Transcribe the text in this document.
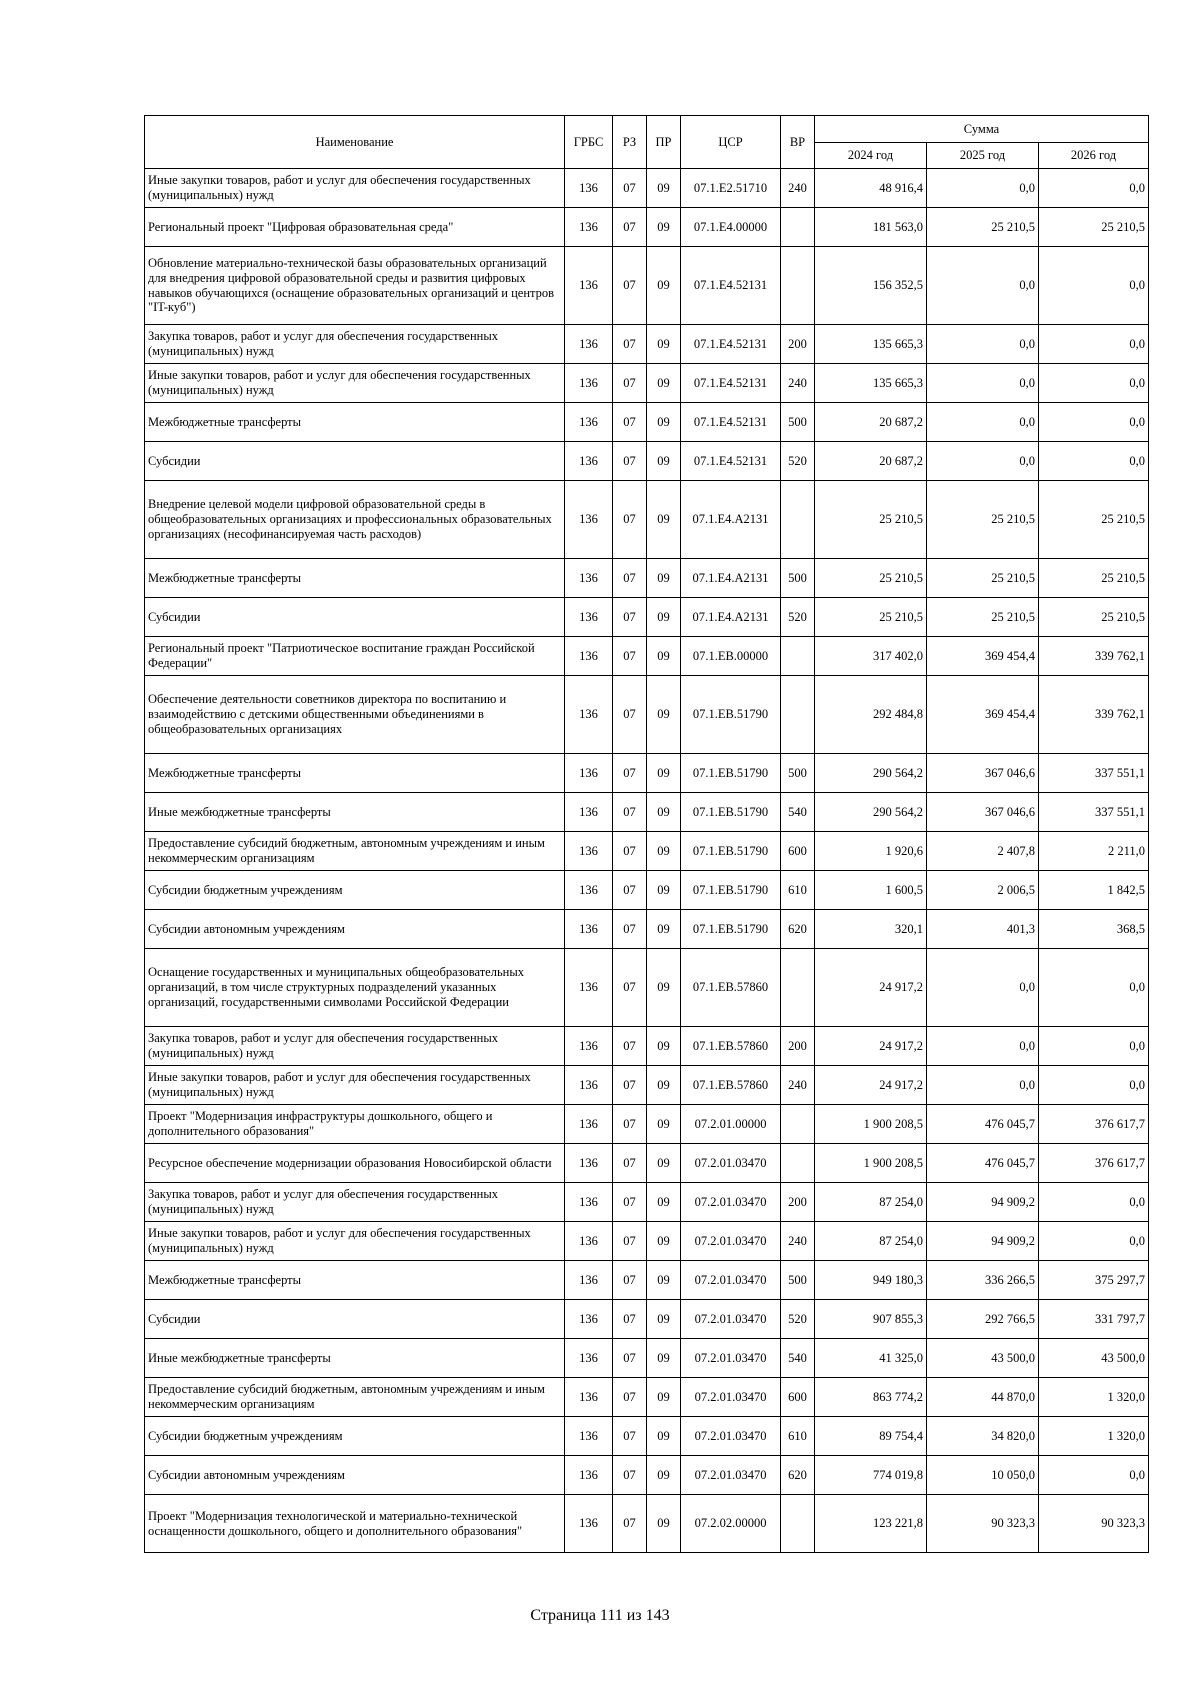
Наименование	ГРБС	РЗ	ПР	ЦСР	ВР	Сумма		
						2024 год	2025 год	2026 год
Иные закупки товаров, работ и услуг для обеспечения государственных (муниципальных) нужд	136	07	09	07.1.E2.51710	240	48 916,4	0,0	0,0
Региональный проект "Цифровая образовательная среда"	136	07	09	07.1.E4.00000		181 563,0	25 210,5	25 210,5
Обновление материально-технической базы образовательных организаций для внедрения цифровой образовательной среды и развития цифровых навыков обучающихся (оснащение образовательных организаций и центров "IT-куб")	136	07	09	07.1.E4.52131		156 352,5	0,0	0,0
Закупка товаров, работ и услуг для обеспечения государственных (муниципальных) нужд	136	07	09	07.1.E4.52131	200	135 665,3	0,0	0,0
Иные закупки товаров, работ и услуг для обеспечения государственных (муниципальных) нужд	136	07	09	07.1.E4.52131	240	135 665,3	0,0	0,0
Межбюджетные трансферты	136	07	09	07.1.E4.52131	500	20 687,2	0,0	0,0
Субсидии	136	07	09	07.1.E4.52131	520	20 687,2	0,0	0,0
Внедрение целевой модели цифровой образовательной среды в общеобразовательных организациях и профессиональных образовательных организациях (несофинансируемая часть расходов)	136	07	09	07.1.E4.A2131		25 210,5	25 210,5	25 210,5
Межбюджетные трансферты	136	07	09	07.1.E4.A2131	500	25 210,5	25 210,5	25 210,5
Субсидии	136	07	09	07.1.E4.A2131	520	25 210,5	25 210,5	25 210,5
Региональный проект "Патриотическое воспитание граждан Российской Федерации"	136	07	09	07.1.EB.00000		317 402,0	369 454,4	339 762,1
Обеспечение деятельности советников директора по воспитанию и взаимодействию с детскими общественными объединениями в общеобразовательных организациях	136	07	09	07.1.EB.51790		292 484,8	369 454,4	339 762,1
Межбюджетные трансферты	136	07	09	07.1.EB.51790	500	290 564,2	367 046,6	337 551,1
Иные межбюджетные трансферты	136	07	09	07.1.EB.51790	540	290 564,2	367 046,6	337 551,1
Предоставление субсидий бюджетным, автономным учреждениям и иным некоммерческим организациям	136	07	09	07.1.EB.51790	600	1 920,6	2 407,8	2 211,0
Субсидии бюджетным учреждениям	136	07	09	07.1.EB.51790	610	1 600,5	2 006,5	1 842,5
Субсидии автономным учреждениям	136	07	09	07.1.EB.51790	620	320,1	401,3	368,5
Оснащение государственных и муниципальных общеобразовательных организаций, в том числе структурных подразделений указанных организаций, государственными символами Российской Федерации	136	07	09	07.1.EB.57860		24 917,2	0,0	0,0
Закупка товаров, работ и услуг для обеспечения государственных (муниципальных) нужд	136	07	09	07.1.EB.57860	200	24 917,2	0,0	0,0
Иные закупки товаров, работ и услуг для обеспечения государственных (муниципальных) нужд	136	07	09	07.1.EB.57860	240	24 917,2	0,0	0,0
Проект "Модернизация инфраструктуры дошкольного, общего и дополнительного образования"	136	07	09	07.2.01.00000		1 900 208,5	476 045,7	376 617,7
Ресурсное обеспечение модернизации образования Новосибирской области	136	07	09	07.2.01.03470		1 900 208,5	476 045,7	376 617,7
Закупка товаров, работ и услуг для обеспечения государственных (муниципальных) нужд	136	07	09	07.2.01.03470	200	87 254,0	94 909,2	0,0
Иные закупки товаров, работ и услуг для обеспечения государственных (муниципальных) нужд	136	07	09	07.2.01.03470	240	87 254,0	94 909,2	0,0
Межбюджетные трансферты	136	07	09	07.2.01.03470	500	949 180,3	336 266,5	375 297,7
Субсидии	136	07	09	07.2.01.03470	520	907 855,3	292 766,5	331 797,7
Иные межбюджетные трансферты	136	07	09	07.2.01.03470	540	41 325,0	43 500,0	43 500,0
Предоставление субсидий бюджетным, автономным учреждениям и иным некоммерческим организациям	136	07	09	07.2.01.03470	600	863 774,2	44 870,0	1 320,0
Субсидии бюджетным учреждениям	136	07	09	07.2.01.03470	610	89 754,4	34 820,0	1 320,0
Субсидии автономным учреждениям	136	07	09	07.2.01.03470	620	774 019,8	10 050,0	0,0
Проект "Модернизация технологической и материально-технической оснащенности дошкольного, общего и дополнительного образования"	136	07	09	07.2.02.00000		123 221,8	90 323,3	90 323,3
Страница 111 из 143
